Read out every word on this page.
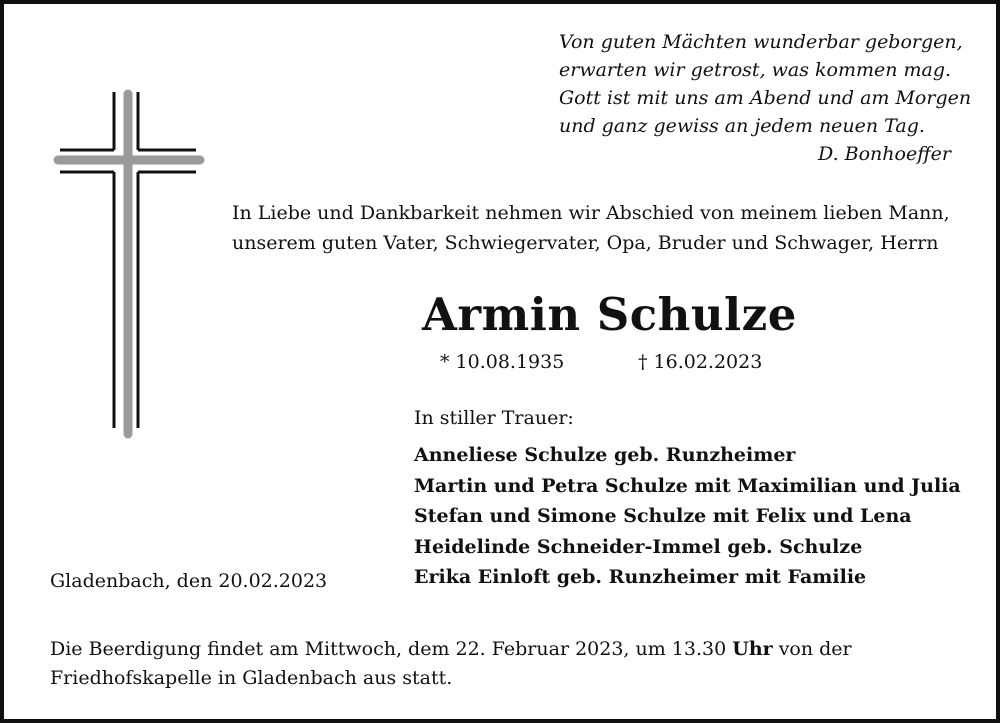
Von guten Mächten wunderbar geborgen,
erwarten wir getrost, was kommen mag.
Gott ist mit uns am Abend und am Morgen
und ganz gewiss an jedem neuen Tag.
D. Bonhoeffer
In Liebe und Dankbarkeit nehmen wir Abschied von meinem lieben Mann,
unserem guten Vater, Schwiegervater, Opa, Bruder und Schwager, Herrn
Armin Schulze
* 10.08.1935	† 16.02.2023
In stiller Trauer:
Anneliese Schulze geb. Runzheimer
Martin und Petra Schulze mit Maximilian und Julia
Stefan und Simone Schulze mit Felix und Lena
Heidelinde Schneider-Immel geb. Schulze
Erika Einloft geb. Runzheimer mit Familie
Gladenbach, den 20.02.2023
Die Beerdigung findet am Mittwoch, dem 22. Februar 2023, um 13.30 Uhr von der
Friedhofskapelle in Gladenbach aus statt.
